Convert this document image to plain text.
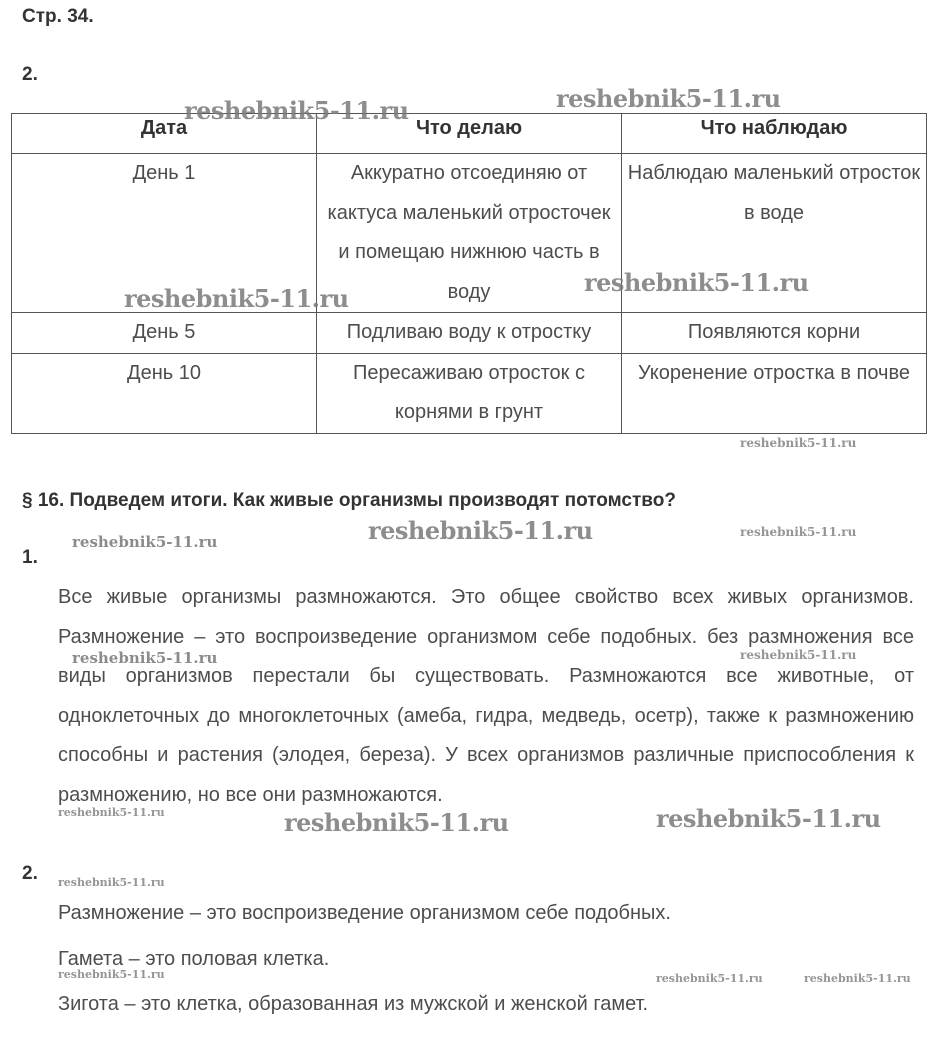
Стр. 34.
2.
Дата	Что делаю	Что наблюдаю
День 1	Аккуратно отсоединяю от кактуса маленький отросточек и помещаю нижнюю часть в воду	Наблюдаю маленький отросток в воде
День 5	Подливаю воду к отростку	Появляются корни
День 10	Пересаживаю отросток с корнями в грунт	Укоренение отростка в почве
§ 16. Подведем итоги. Как живые организмы производят потомство?
1.
Все живые организмы размножаются. Это общее свойство всех живых организмов. Размножение – это воспроизведение организмом себе подобных. без размножения все виды организмов перестали бы существовать. Размножаются все животные, от одноклеточных до многоклеточных (амеба, гидра, медведь, осетр), также к размножению способны и растения (элодея, береза). У всех организмов различные приспособления к размножению, но все они размножаются.
2.
Размножение – это воспроизведение организмом себе подобных.
Гамета – это половая клетка.
Зигота – это клетка, образованная из мужской и женской гамет.
reshebnik5-11.ru	reshebnik5-11.ru
reshebnik5-11.ru
reshebnik5-11.ru
reshebnik5-11.ru
reshebnik5-11.ru
reshebnik5-11.ru
reshebnik5-11.ru
reshebnik5-11.ru	reshebnik5-11.ru
reshebnik5-11.ru	reshebnik5-11.ru	reshebnik5-11.ru
reshebnik5-11.ru
reshebnik5-11.ru	reshebnik5-11.ru	reshebnik5-11.ru
